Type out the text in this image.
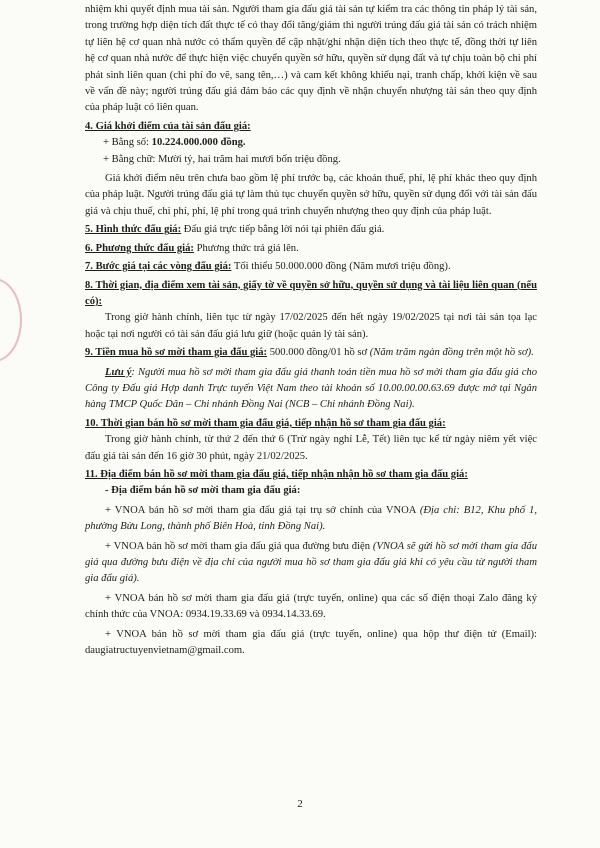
nhiệm khi quyết định mua tài sản. Người tham gia đấu giá tài sản tự kiểm tra các thông tin pháp lý tài sản, trong trường hợp diện tích đất thực tế có thay đổi tăng/giảm thì người trúng đấu giá tài sản có trách nhiệm tự liên hệ cơ quan nhà nước có thẩm quyền để cập nhật/ghi nhận diện tích theo thực tế, đồng thời tự liên hệ cơ quan nhà nước để thực hiện việc chuyển quyền sở hữu, quyền sử dụng đất và tự chịu toàn bộ chi phí phát sinh liên quan (chi phí đo vẽ, sang tên,…) và cam kết không khiếu nại, tranh chấp, khởi kiện về sau về vấn đề này; người trúng đấu giá đảm bảo các quy định về nhận chuyển nhượng tài sản theo quy định của pháp luật có liên quan.

4. Giá khởi điểm của tài sản đấu giá:

+ Bằng số: 10.224.000.000 đồng.

+ Bằng chữ: Mười tỷ, hai trăm hai mươi bốn triệu đồng.

Giá khởi điểm nêu trên chưa bao gồm lệ phí trước bạ, các khoản thuế, phí, lệ phí khác theo quy định của pháp luật. Người trúng đấu giá tự làm thủ tục chuyển quyền sở hữu, quyền sử dụng đối với tài sản đấu giá và chịu thuế, chi phí, phí, lệ phí trong quá trình chuyển nhượng theo quy định của pháp luật.

5. Hình thức đấu giá: Đấu giá trực tiếp bằng lời nói tại phiên đấu giá.

6. Phương thức đấu giá: Phương thức trả giá lên.

7. Bước giá tại các vòng đấu giá: Tối thiểu 50.000.000 đồng (Năm mươi triệu đồng).

8. Thời gian, địa điểm xem tài sản, giấy tờ về quyền sở hữu, quyền sử dụng và tài liệu liên quan (nếu có):

Trong giờ hành chính, liên tục từ ngày 17/02/2025 đến hết ngày 19/02/2025 tại nơi tài sản tọa lạc hoặc tại nơi người có tài sản đấu giá lưu giữ (hoặc quản lý tài sản).

9. Tiền mua hồ sơ mời tham gia đấu giá: 500.000 đồng/01 hồ sơ (Năm trăm ngàn đồng trên một hồ sơ).

Lưu ý: Người mua hồ sơ mời tham gia đấu giá thanh toán tiền mua hồ sơ mời tham gia đấu giá cho Công ty Đấu giá Hợp danh Trực tuyến Việt Nam theo tài khoản số 10.00.00.00.63.69 được mở tại Ngân hàng TMCP Quốc Dân – Chi nhánh Đồng Nai (NCB – Chi nhánh Đồng Nai).

10. Thời gian bán hồ sơ mời tham gia đấu giá, tiếp nhận hồ sơ tham gia đấu giá:

Trong giờ hành chính, từ thứ 2 đến thứ 6 (Trừ ngày nghỉ Lễ, Tết) liên tục kể từ ngày niêm yết việc đấu giá tài sản đến 16 giờ 30 phút, ngày 21/02/2025.

11. Địa điểm bán hồ sơ mời tham gia đấu giá, tiếp nhận nhận hồ sơ tham gia đấu giá:

- Địa điểm bán hồ sơ mời tham gia đấu giá:

+ VNOA bán hồ sơ mời tham gia đấu giá tại trụ sở chính của VNOA (Địa chỉ: B12, Khu phố 1, phường Bửu Long, thành phố Biên Hoà, tỉnh Đồng Nai).

+ VNOA bán hồ sơ mời tham gia đấu giá qua đường bưu điện (VNOA sẽ gửi hồ sơ mời tham gia đấu giá qua đường bưu điện về địa chỉ của người mua hồ sơ tham gia đấu giá khi có yêu cầu từ người tham gia đấu giá).

+ VNOA bán hồ sơ mời tham gia đấu giá (trực tuyến, online) qua các số điện thoại Zalo đăng ký chính thức của VNOA: 0934.19.33.69 và 0934.14.33.69.

+ VNOA bán hồ sơ mời tham gia đấu giá (trực tuyến, online) qua hộp thư điện tử (Email): daugiatructuyenvietnam@gmail.com.

2
